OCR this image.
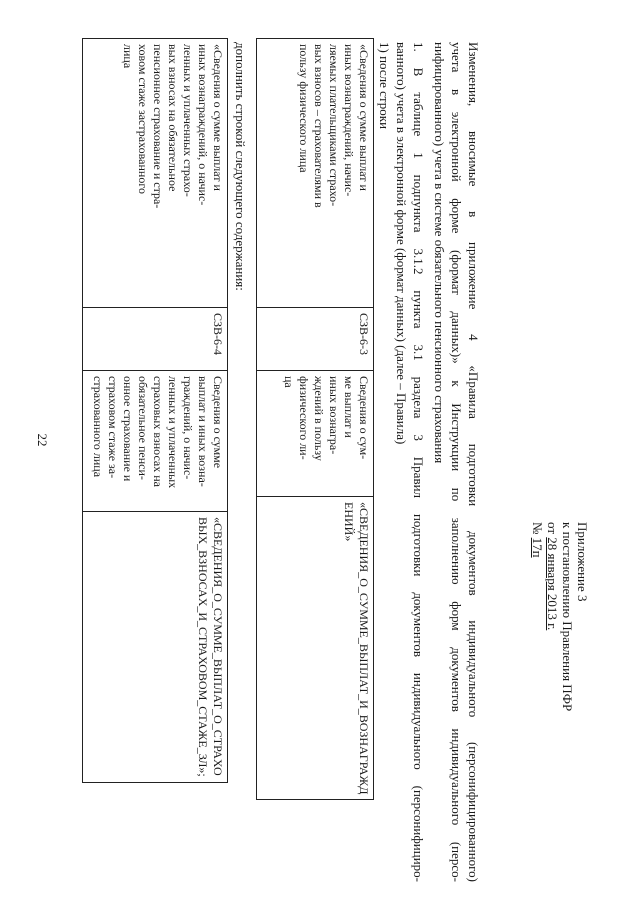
22
Приложение 3
к постановлению Правления ПФР
от 28 января 2013 г.
№ 17п
Изменения, вносимые в приложение 4 «Правила подготовки документов индивидуального (персонифицированного)
учета в электронной форме (формат данных)» к Инструкции по заполнению форм документов индивидуального (персо-
нифицированного) учета в системе обязательного пенсионного страхования
1. В таблице 1 подпункта 3.1.2 пункта 3.1 раздела 3 Правил подготовки документов индивидуального (персонифициро-
ванного) учета в электронной форме (формат данных) (далее – Правила)
1) после строки
«Сведения о сумме выплат и
иных вознаграждений, начис-
ляемых плательщиками страхо-
вых взносов – страхователями в
пользу физического лица

СЗВ-6-3

Сведения о сум-
ме выплат и
иных вознагра-
ждений в пользу
физического ли-
ца

«СВЕДЕНИЯ_О_СУММЕ_ВЫПЛАТ_И_ВОЗНАГРАЖД
ЕНИЙ»
дополнить строкой следующего содержания:
«Сведения о сумме выплат и
иных вознаграждений, о начис-
ленных и уплаченных страхо-
вых взносах на обязательное
пенсионное страхование и стра-
ховом стаже застрахованного
лица

СЗВ-6-4

Сведения о сумме
выплат и иных возна-
граждений, о начис-
ленных и уплаченных
страховых взносах на
обязательное пенси-
онное страхование и
страховом стаже за-
страхованного лица

«СВЕДЕНИЯ_О_СУММЕ_ВЫПЛАТ_О_СТРАХО
ВЫХ_ВЗНОСАХ_И_СТРАХОВОМ_СТАЖЕ_ЗЛ»;
